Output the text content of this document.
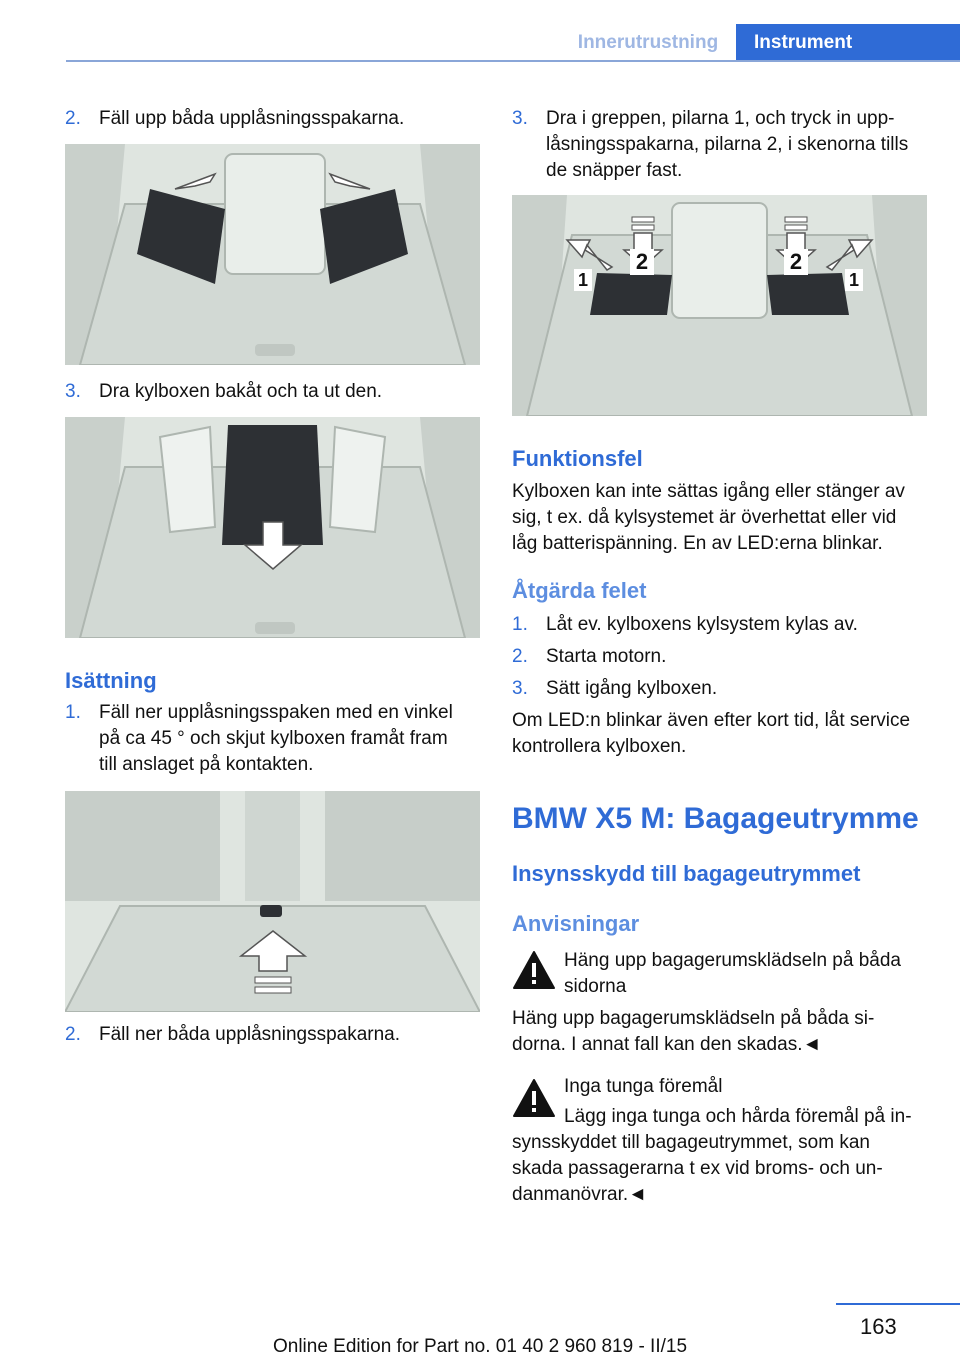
Innerutrustning	Instrument
2. Fäll upp båda upplåsningsspakarna.
3. Dra kylboxen bakåt och ta ut den.
Isättning
1. Fäll ner upplåsningsspaken med en vinkel
på ca 45 ° och skjut kylboxen framåt fram
till anslaget på kontakten.
2. Fäll ner båda upplåsningsspakarna.
3. Dra i greppen, pilarna 1, och tryck in upp-
låsningsspakarna, pilarna 2, i skenorna tills
de snäpper fast.
1
2	2
1
Funktionsfel
Kylboxen kan inte sättas igång eller stänger av
sig, t ex. då kylsystemet är överhettat eller vid
låg batterispänning. En av LED:erna blinkar.
Åtgärda felet
1. Låt ev. kylboxens kylsystem kylas av.
2. Starta motorn.
3. Sätt igång kylboxen.
Om LED:n blinkar även efter kort tid, låt service
kontrollera kylboxen.
BMW X5 M: Bagageutrymme
Insynsskydd till bagageutrymmet
Anvisningar
Häng upp bagagerumsklädseln på båda
sidorna
Häng upp bagagerumsklädseln på båda si-
dorna. I annat fall kan den skadas.◄
Inga tunga föremål
Lägg inga tunga och hårda föremål på in-
synsskyddet till bagageutrymmet, som kan
skada passagerarna t ex vid broms- och un-
danmanövrar.◄
163
Online Edition for Part no. 01 40 2 960 819 - II/15
